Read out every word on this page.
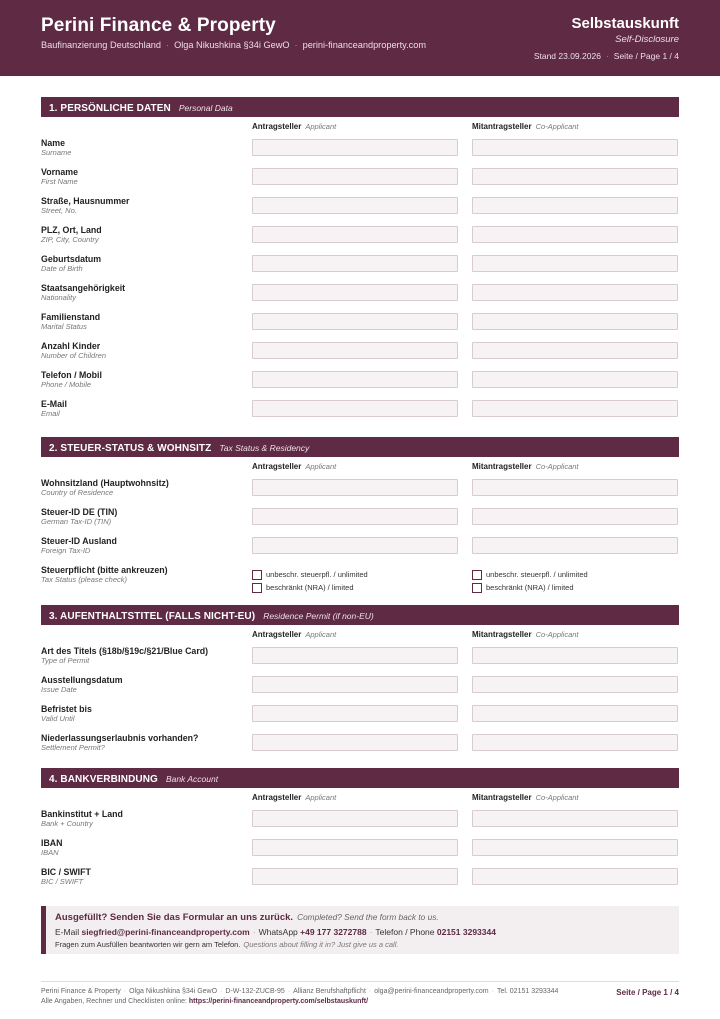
Perini Finance & Property
Baufinanzierung Deutschland · Olga Nikushkina §34i GewO · perini-financeandproperty.com
Selbstauskunft
Self-Disclosure
Stand 23.09.2026 · Seite / Page 1 / 4
1. PERSÖNLICHE DATEN Personal Data
Antragsteller Applicant	Mitantragsteller Co-Applicant
Name
Surname
Vorname
First Name
Straße, Hausnummer
Street, No.
PLZ, Ort, Land
ZIP, City, Country
Geburtsdatum
Date of Birth
Staatsangehörigkeit
Nationality
Familienstand
Marital Status
Anzahl Kinder
Number of Children
Telefon / Mobil
Phone / Mobile
E-Mail
Email
2. STEUER-STATUS & WOHNSITZ Tax Status & Residency
Antragsteller Applicant	Mitantragsteller Co-Applicant
Wohnsitzland (Hauptwohnsitz)
Country of Residence
Steuer-ID DE (TIN)
German Tax-ID (TIN)
Steuer-ID Ausland
Foreign Tax-ID
Steuerpflicht (bitte ankreuzen)
Tax Status (please check)
unbeschr. steuerpfl. / unlimited
beschränkt (NRA) / limited
unbeschr. steuerpfl. / unlimited
beschränkt (NRA) / limited
3. AUFENTHALTSTITEL (FALLS NICHT-EU) Residence Permit (if non-EU)
Antragsteller Applicant	Mitantragsteller Co-Applicant
Art des Titels (§18b/§19c/§21/Blue Card)
Type of Permit
Ausstellungsdatum
Issue Date
Befristet bis
Valid Until
Niederlassungserlaubnis vorhanden?
Settlement Permit?
4. BANKVERBINDUNG Bank Account
Antragsteller Applicant	Mitantragsteller Co-Applicant
Bankinstitut + Land
Bank + Country
IBAN
IBAN
BIC / SWIFT
BIC / SWIFT
Ausgefüllt? Senden Sie das Formular an uns zurück. Completed? Send the form back to us.
E-Mail siegfried@perini-financeandproperty.com · WhatsApp +49 177 3272788 · Telefon / Phone 02151 3293344
Fragen zum Ausfüllen beantworten wir gern am Telefon. Questions about filling it in? Just give us a call.
Perini Finance & Property · Olga Nikushkina §34i GewO · D-W-132-ZUCB-95 · Allianz Berufshaftpflicht · olga@perini-financeandproperty.com · Tel. 02151 3293344
Alle Angaben, Rechner und Checklisten online: https://perini-financeandproperty.com/selbstauskunft/
Seite / Page 1 / 4
